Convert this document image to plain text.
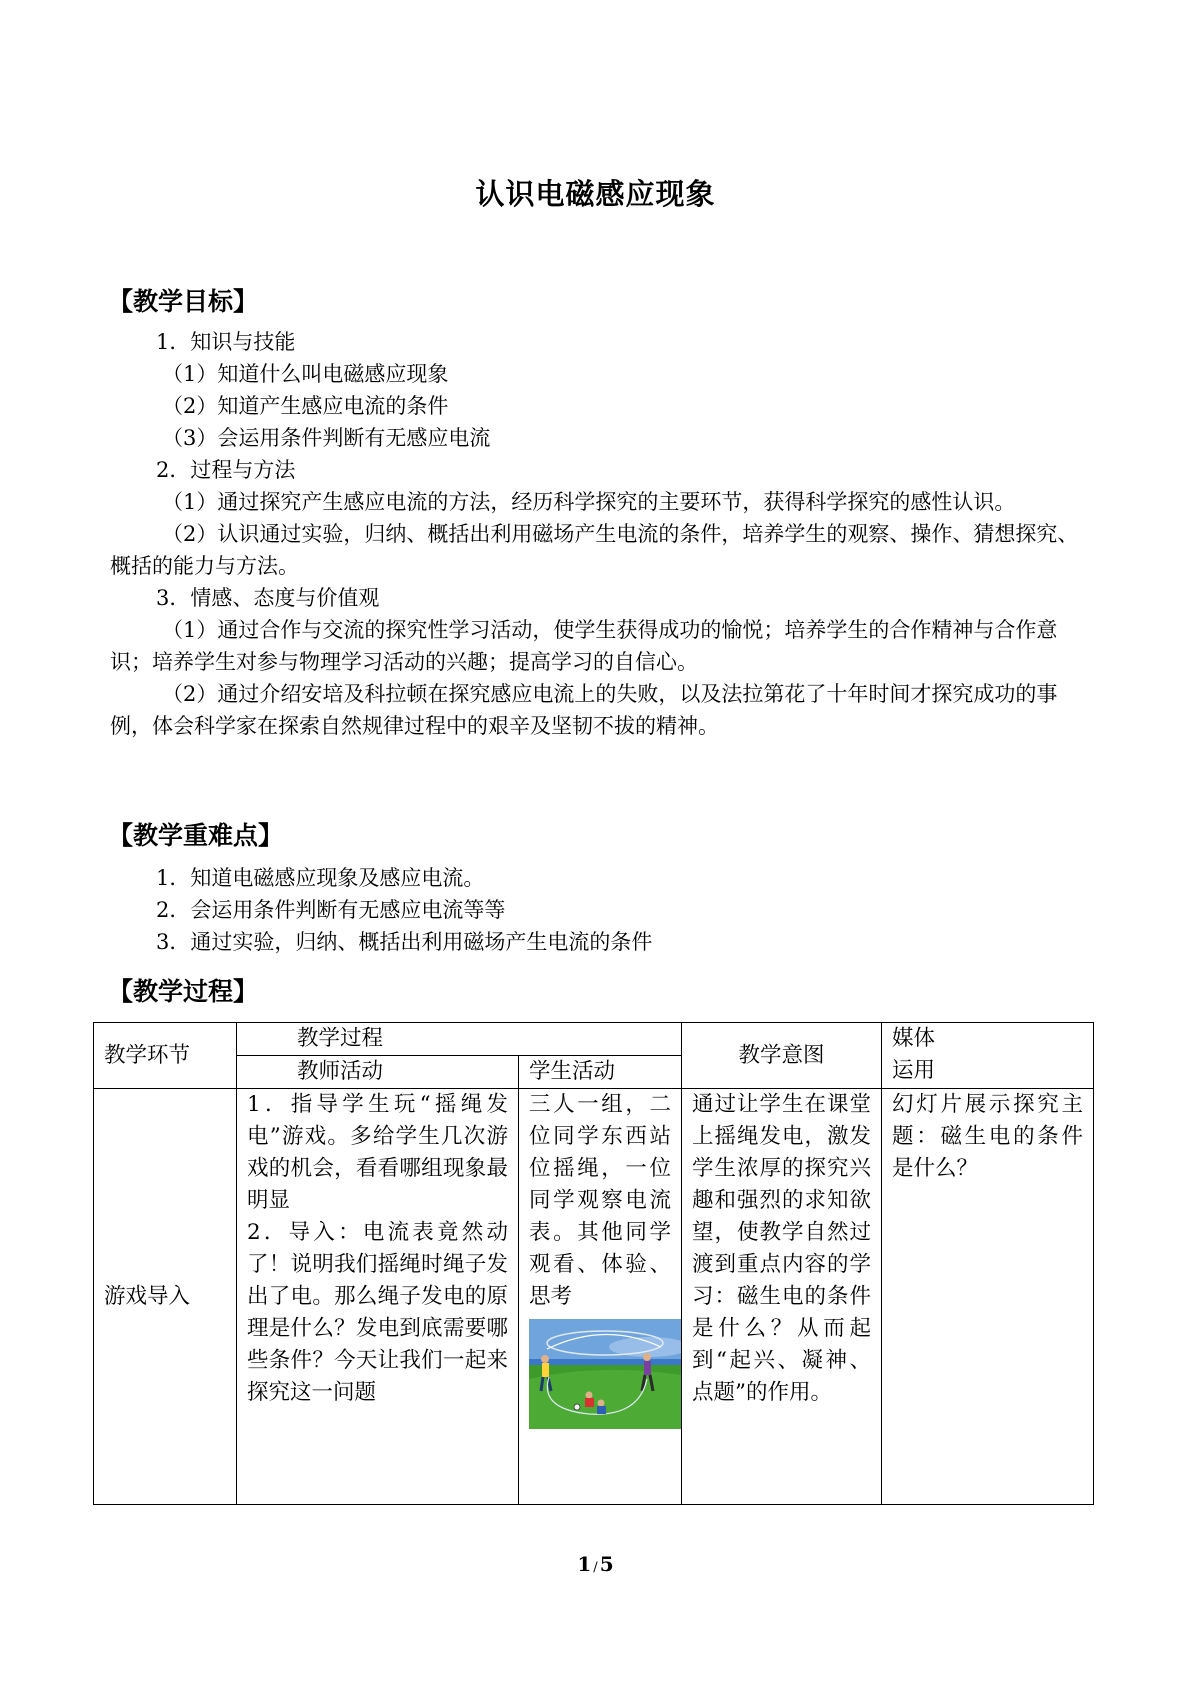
认识电磁感应现象
【教学目标】

1．知识与技能

（1）知道什么叫电磁感应现象

（2）知道产生感应电流的条件

（3）会运用条件判断有无感应电流

2．过程与方法

（1）通过探究产生感应电流的方法，经历科学探究的主要环节，获得科学探究的感性认识。

（2）认识通过实验，归纳、概括出利用磁场产生电流的条件，培养学生的观察、操作、猜想探究、概括的能力与方法。

3．情感、态度与价值观

（1）通过合作与交流的探究性学习活动，使学生获得成功的愉悦；培养学生的合作精神与合作意识；培养学生对参与物理学习活动的兴趣；提高学习的自信心。

（2）通过介绍安培及科拉顿在探究感应电流上的失败，以及法拉第花了十年时间才探究成功的事例，体会科学家在探索自然规律过程中的艰辛及坚韧不拔的精神。

【教学重难点】

1．知道电磁感应现象及感应电流。

2．会运用条件判断有无感应电流等等

3．通过实验，归纳、概括出利用磁场产生电流的条件

【教学过程】
教学环节	教学过程		教学意图	媒体
运用

	教师活动	学生活动		
游戏导入	1．指导学生玩“摇绳发电”游戏。多给学生几次游戏的机会，看看哪组现象最明显
2．导入：电流表竟然动了！说明我们摇绳时绳子发出了电。那么绳子发电的原理是什么？发电到底需要哪些条件？今天让我们一起来探究这一问题	三人一组，二位同学东西站位摇绳，一位同学观察电流表。其他同学观看、体验、思考	通过让学生在课堂上摇绳发电，激发学生浓厚的探究兴趣和强烈的求知欲望，使教学自然过渡到重点内容的学习：磁生电的条件是什么？从而起到“起兴、凝神、点题”的作用。	幻灯片展示探究主题：磁生电的条件是什么？
1 / 5
